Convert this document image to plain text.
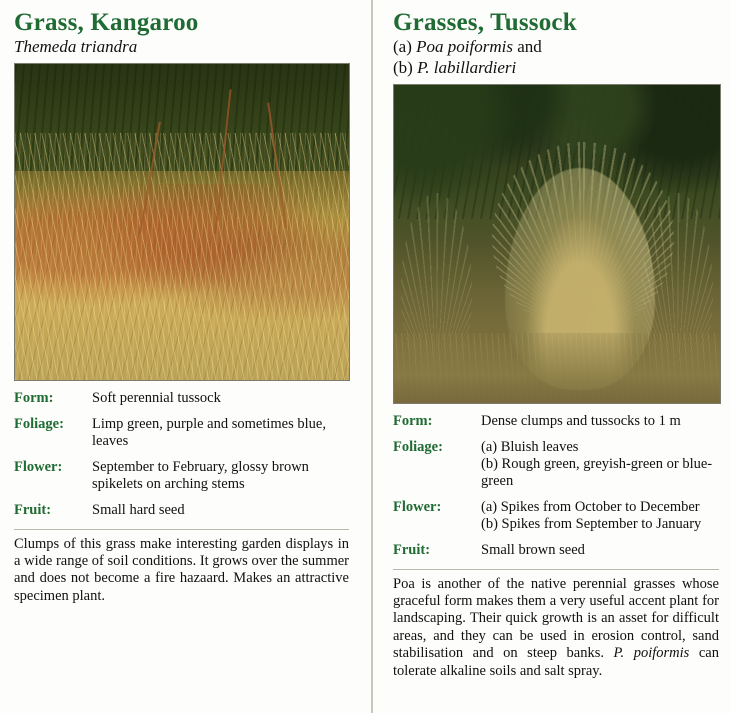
Grass, Kangaroo
Themeda triandra
Form:	Soft perennial tussock
Foliage:	Limp green, purple and sometimes blue, leaves
Flower:	September to February, glossy brown spikelets on arching stems
Fruit:	Small hard seed

Clumps of this grass make interesting garden displays in a wide range of soil conditions. It grows over the summer and does not become a fire hazaard. Makes an attractive specimen plant.

Grasses, Tussock
(a) Poa poiformis and
(b) P. labillardieri
Form:	Dense clumps and tussocks to 1 m
Foliage:	(a) Bluish leaves
(b) Rough green, greyish-green or blue-green

Flower:	(a) Spikes from October to December
(b) Spikes from September to January

Fruit:	Small brown seed

Poa is another of the native perennial grasses whose graceful form makes them a very useful accent plant for landscaping. Their quick growth is an asset for difficult areas, and they can be used in erosion control, sand stabilisation and on steep banks. P. poiformis can tolerate alkaline soils and salt spray.
